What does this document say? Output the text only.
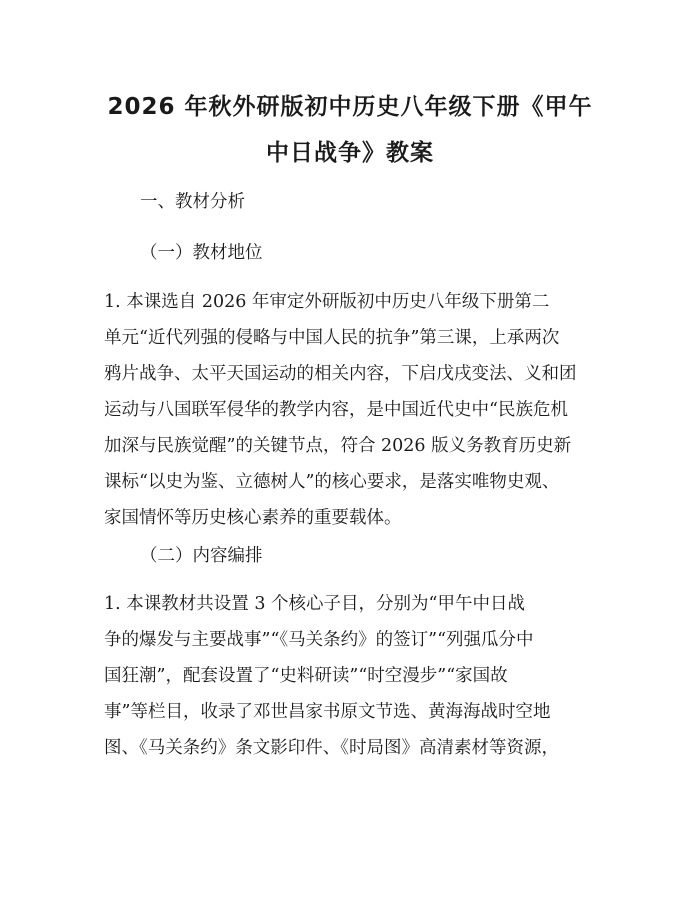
2026 年秋外研版初中历史八年级下册《甲午
中日战争》教案

一、教材分析

（一）教材地位

1. 本课选自 2026 年审定外研版初中历史八年级下册第二
单元“近代列强的侵略与中国人民的抗争”第三课，上承两次
鸦片战争、太平天国运动的相关内容，下启戊戌变法、义和团
运动与八国联军侵华的教学内容，是中国近代史中“民族危机
加深与民族觉醒”的关键节点，符合 2026 版义务教育历史新
课标“以史为鉴、立德树人”的核心要求，是落实唯物史观、
家国情怀等历史核心素养的重要载体。

（二）内容编排

1. 本课教材共设置 3 个核心子目，分别为“甲午中日战
争的爆发与主要战事”“《马关条约》的签订”“列强瓜分中
国狂潮”，配套设置了“史料研读”“时空漫步”“家国故
事”等栏目，收录了邓世昌家书原文节选、黄海海战时空地
图、《马关条约》条文影印件、《时局图》高清素材等资源，
